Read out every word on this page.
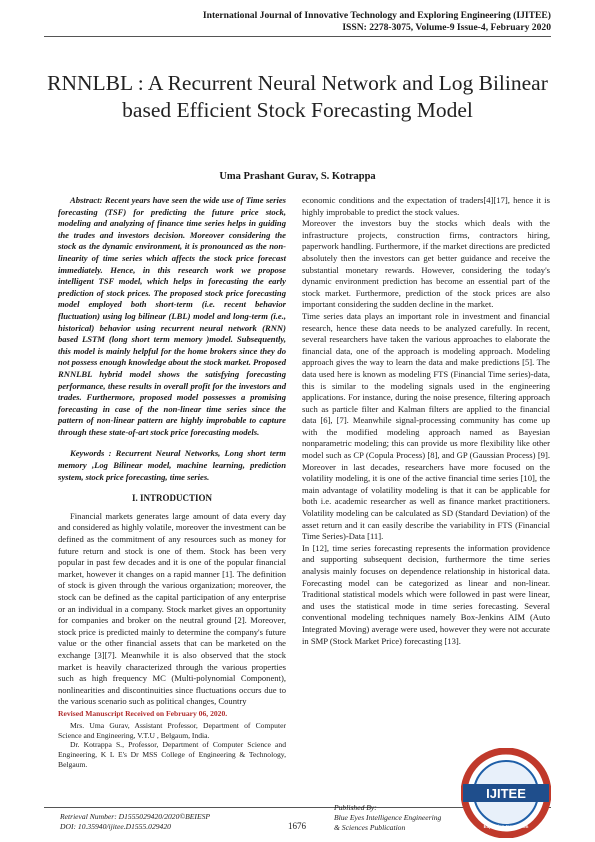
International Journal of Innovative Technology and Exploring Engineering (IJITEE)
ISSN: 2278-3075, Volume-9 Issue-4, February 2020
RNNLBL : A Recurrent Neural Network and Log Bilinear based Efficient Stock Forecasting Model
Uma Prashant Gurav, S. Kotrappa

Abstract: Recent years have seen the wide use of Time series forecasting (TSF) for predicting the future price stock, modeling and analyzing of finance time series helps in guiding the trades and investors decision. Moreover considering the stock as the dynamic environment, it is pronounced as the non-linearity of time series which affects the stock price forecast immediately. Hence, in this research work we propose intelligent TSF model, which helps in forecasting the early prediction of stock prices. The proposed stock price forecasting model employed both short-term (i.e. recent behavior fluctuation) using log bilinear (LBL) model and long-term (i.e., historical) behavior using recurrent neural network (RNN) based LSTM (long short term memory )model. Subsequently, this model is mainly helpful for the home brokers since they do not possess enough knowledge about the stock market. Proposed RNNLBL hybrid model shows the satisfying forecasting performance, these results in overall profit for the investors and trades. Furthermore, proposed model possesses a promising forecasting in case of the non-linear time series since the pattern of non-linear pattern are highly improbable to capture through these state-of-art stock price forecasting models.

Keywords : Recurrent Neural Networks, Long short term memory ,Log Bilinear model, machine learning, prediction system, stock price forecasting, time series.

I. INTRODUCTION

Financial markets generates large amount of data every day and considered as highly volatile, moreover the investment can be defined as the commitment of any resources such as money for future return and stock is one of them. Stock has been very popular in past few decades and it is one of the popular financial market, however it changes on a rapid manner [1]. The definition of stock is given through the various organization; moreover, the stock can be defined as the capital participation of any enterprise or an individual in a company. Stock market gives an opportunity for companies and broker on the neutral ground [2]. Moreover, stock price is predicted mainly to determine the company's future value or the other financial assets that can be marketed on the exchange [3][7]. Meanwhile it is also observed that the stock market is heavily characterized through the various properties such as high frequency MC (Multi-polynomial Component), nonlinearities and discontinuities since fluctuations occurs due to the various scenario such as political changes, Country

economic conditions and the expectation of traders[4][17], hence it is highly improbable to predict the stock values.

Moreover the investors buy the stocks which deals with the infrastructure projects, construction firms, contractors hiring, paperwork handling. Furthermore, if the market directions are predicted absolutely then the investors can get better guidance and receive the substantial monetary rewards. However, considering the today's dynamic environment prediction has become an essential part of the stock market. Furthermore, prediction of the stock prices are also important considering the sudden decline in the market.

Time series data plays an important role in investment and financial research, hence these data needs to be analyzed carefully. In recent, several researchers have taken the various approaches to elaborate the financial data, one of the approach is modeling approach. Modeling approach gives the way to learn the data and make predictions [5]. The data used here is known as modeling FTS (Financial Time series)-data, this is similar to the modeling signals used in the engineering applications. For instance, during the noise presence, filtering approach such as particle filter and Kalman filters are applied to the financial data [6], [7]. Meanwhile signal-processing community has come up with the modified modeling approach named as Bayesian nonparametric modeling; this can provide us more flexibility like other model such as CP (Copula Process) [8], and GP (Gaussian Process) [9]. Moreover in last decades, researchers have more focused on the volatility modeling, it is one of the active financial time series [10], the main advantage of volatility modeling is that it can be applicable for both i.e. academic researcher as well as finance market practitioners. Volatility modeling can be calculated as SD (Standard Deviation) of the asset return and it can easily describe the variability in FTS (Financial Time Series)-Data [11].

In [12], time series forecasting represents the information providence and supporting subsequent decision, furthermore the time series analysis mainly focuses on dependence relationship in historical data. Forecasting model can be categorized as linear and non-linear. Traditional statistical models which were followed in past were linear, and uses the statistical mode in time series forecasting. Several conventional modeling techniques namely Box-Jenkins AIM (Auto Integrated Moving) average were used, however they were not accurate in SMP (Stock Market Price) forecasting [13].

Revised Manuscript Received on February 06, 2020.

Mrs. Uma Gurav, Assistant Professor, Department of Computer Science and Engineering, V.T.U , Belgaum, India.

Dr. Kotrappa S., Professor, Department of Computer Science and Engineering, K L E's Dr MSS College of Engineering & Technology, Belgaum.

Retrieval Number: D1555029420/2020©BEIESP
DOI: 10.35940/ijitee.D1555.029420	1676
Published By:
Blue Eyes Intelligence Engineering
& Sciences Publication
IJITEE
Exploring Innovation
